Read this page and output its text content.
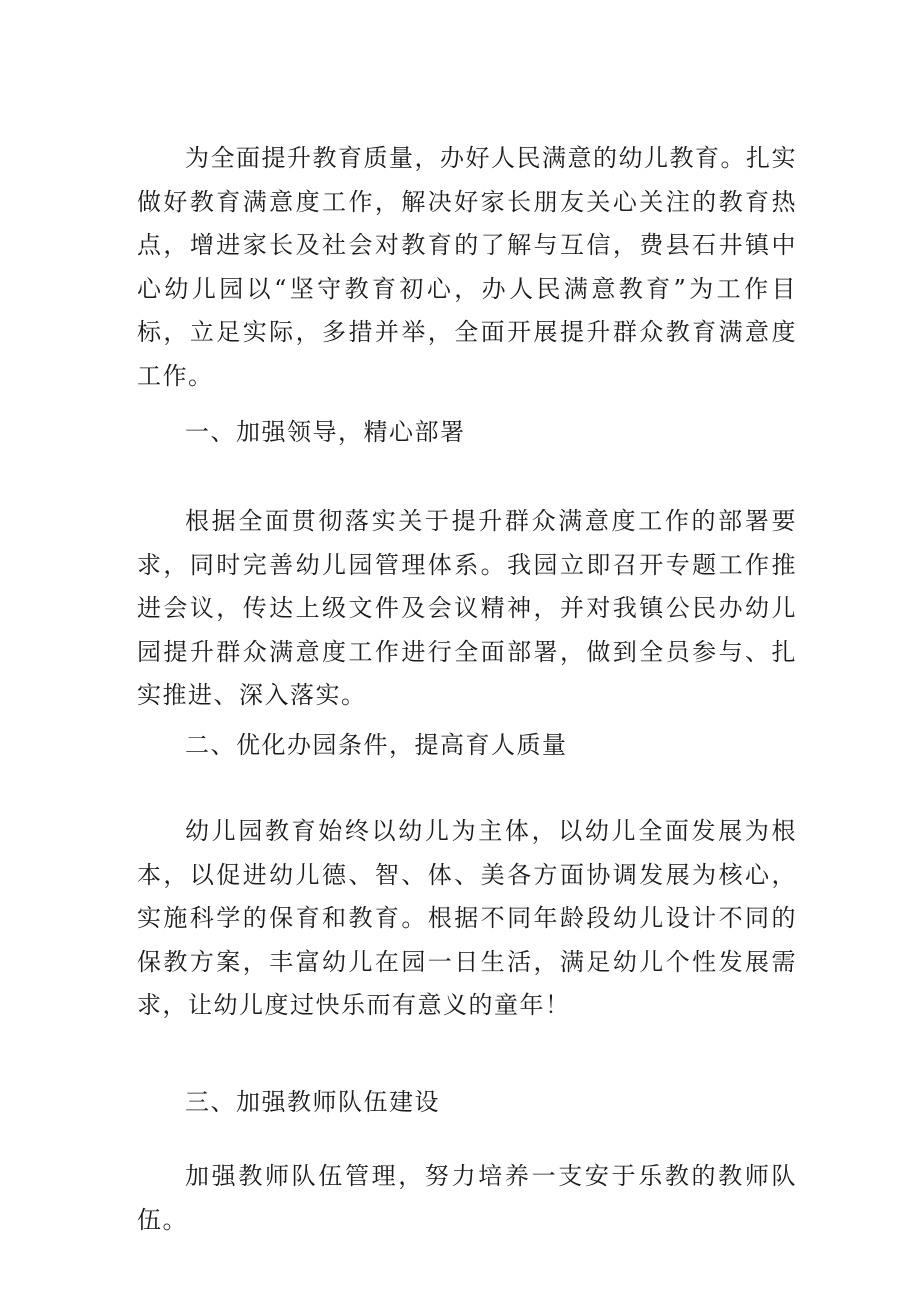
为全面提升教育质量，办好人民满意的幼儿教育。扎实做好教育满意度工作，解决好家长朋友关心关注的教育热点，增进家长及社会对教育的了解与互信，费县石井镇中心幼儿园以“坚守教育初心，办人民满意教育”为工作目标，立足实际，多措并举，全面开展提升群众教育满意度工作。

一、加强领导，精心部署

根据全面贯彻落实关于提升群众满意度工作的部署要求，同时完善幼儿园管理体系。我园立即召开专题工作推进会议，传达上级文件及会议精神，并对我镇公民办幼儿园提升群众满意度工作进行全面部署，做到全员参与、扎实推进、深入落实。

二、优化办园条件，提高育人质量

幼儿园教育始终以幼儿为主体，以幼儿全面发展为根本，以促进幼儿德、智、体、美各方面协调发展为核心，实施科学的保育和教育。根据不同年龄段幼儿设计不同的保教方案，丰富幼儿在园一日生活，满足幼儿个性发展需求，让幼儿度过快乐而有意义的童年！

三、加强教师队伍建设

加强教师队伍管理，努力培养一支安于乐教的教师队伍。
